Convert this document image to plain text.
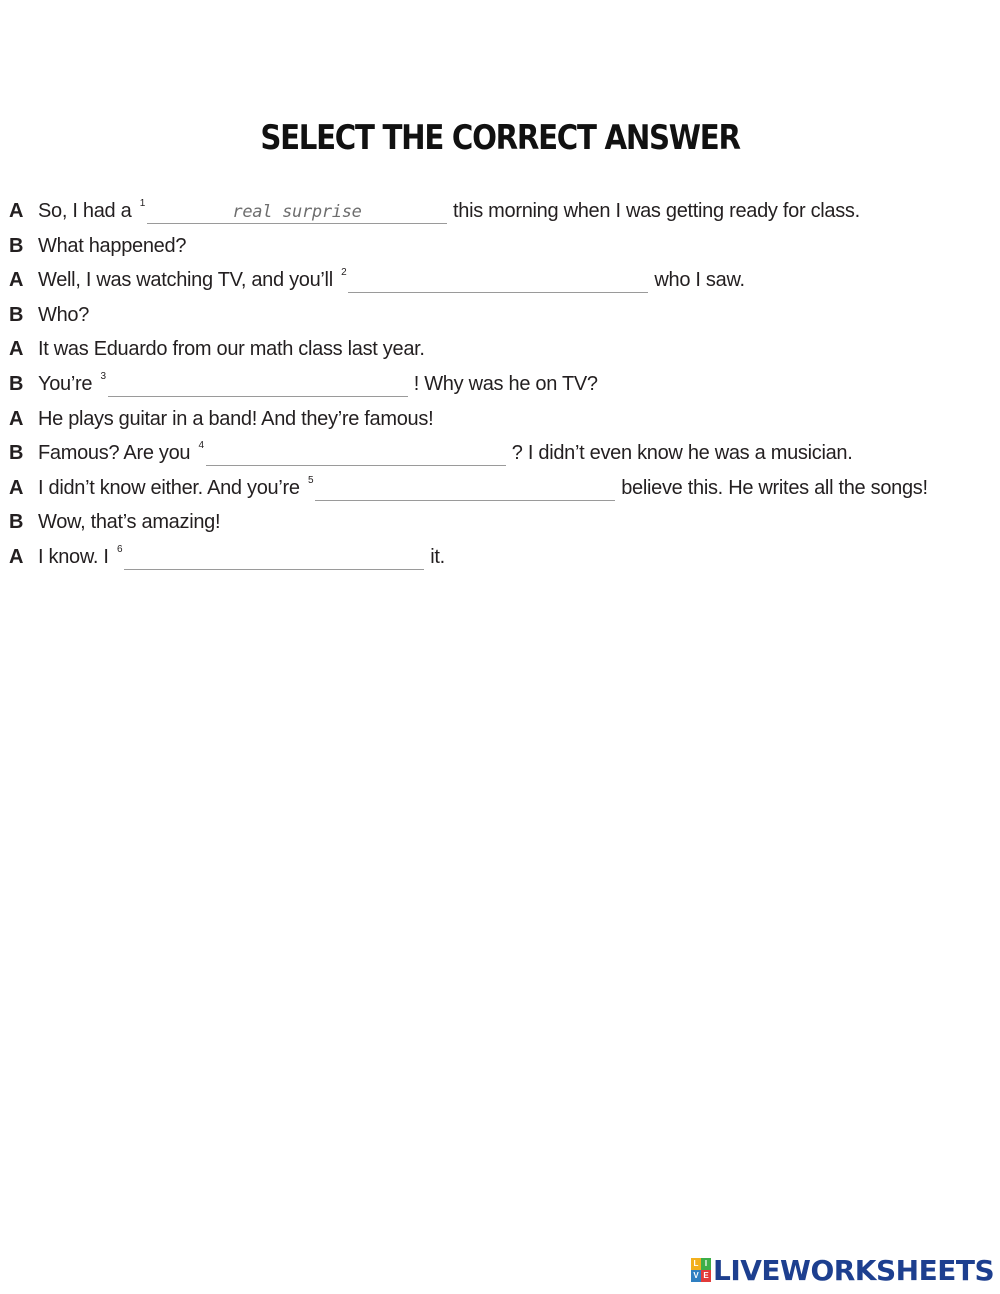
SELECT THE CORRECT ANSWER
A So, I had a $^1$	real surprise	this morning when I was getting ready for class.
B What happened?
A Well, I was watching TV, and you’ll $^2$	who I saw.
B Who?
A It was Eduardo from our math class last year.
B You’re $^3$	! Why was he on TV?
A He plays guitar in a band! And they’re famous!
B Famous? Are you $^4$	? I didn’t even know he was a musician.
A I didn’t know either. And you’re $^5$	believe this. He writes all the songs!
B Wow, that’s amazing!
A I know. I $^6$	it.
L I
V E LIVEWORKSHEETS
